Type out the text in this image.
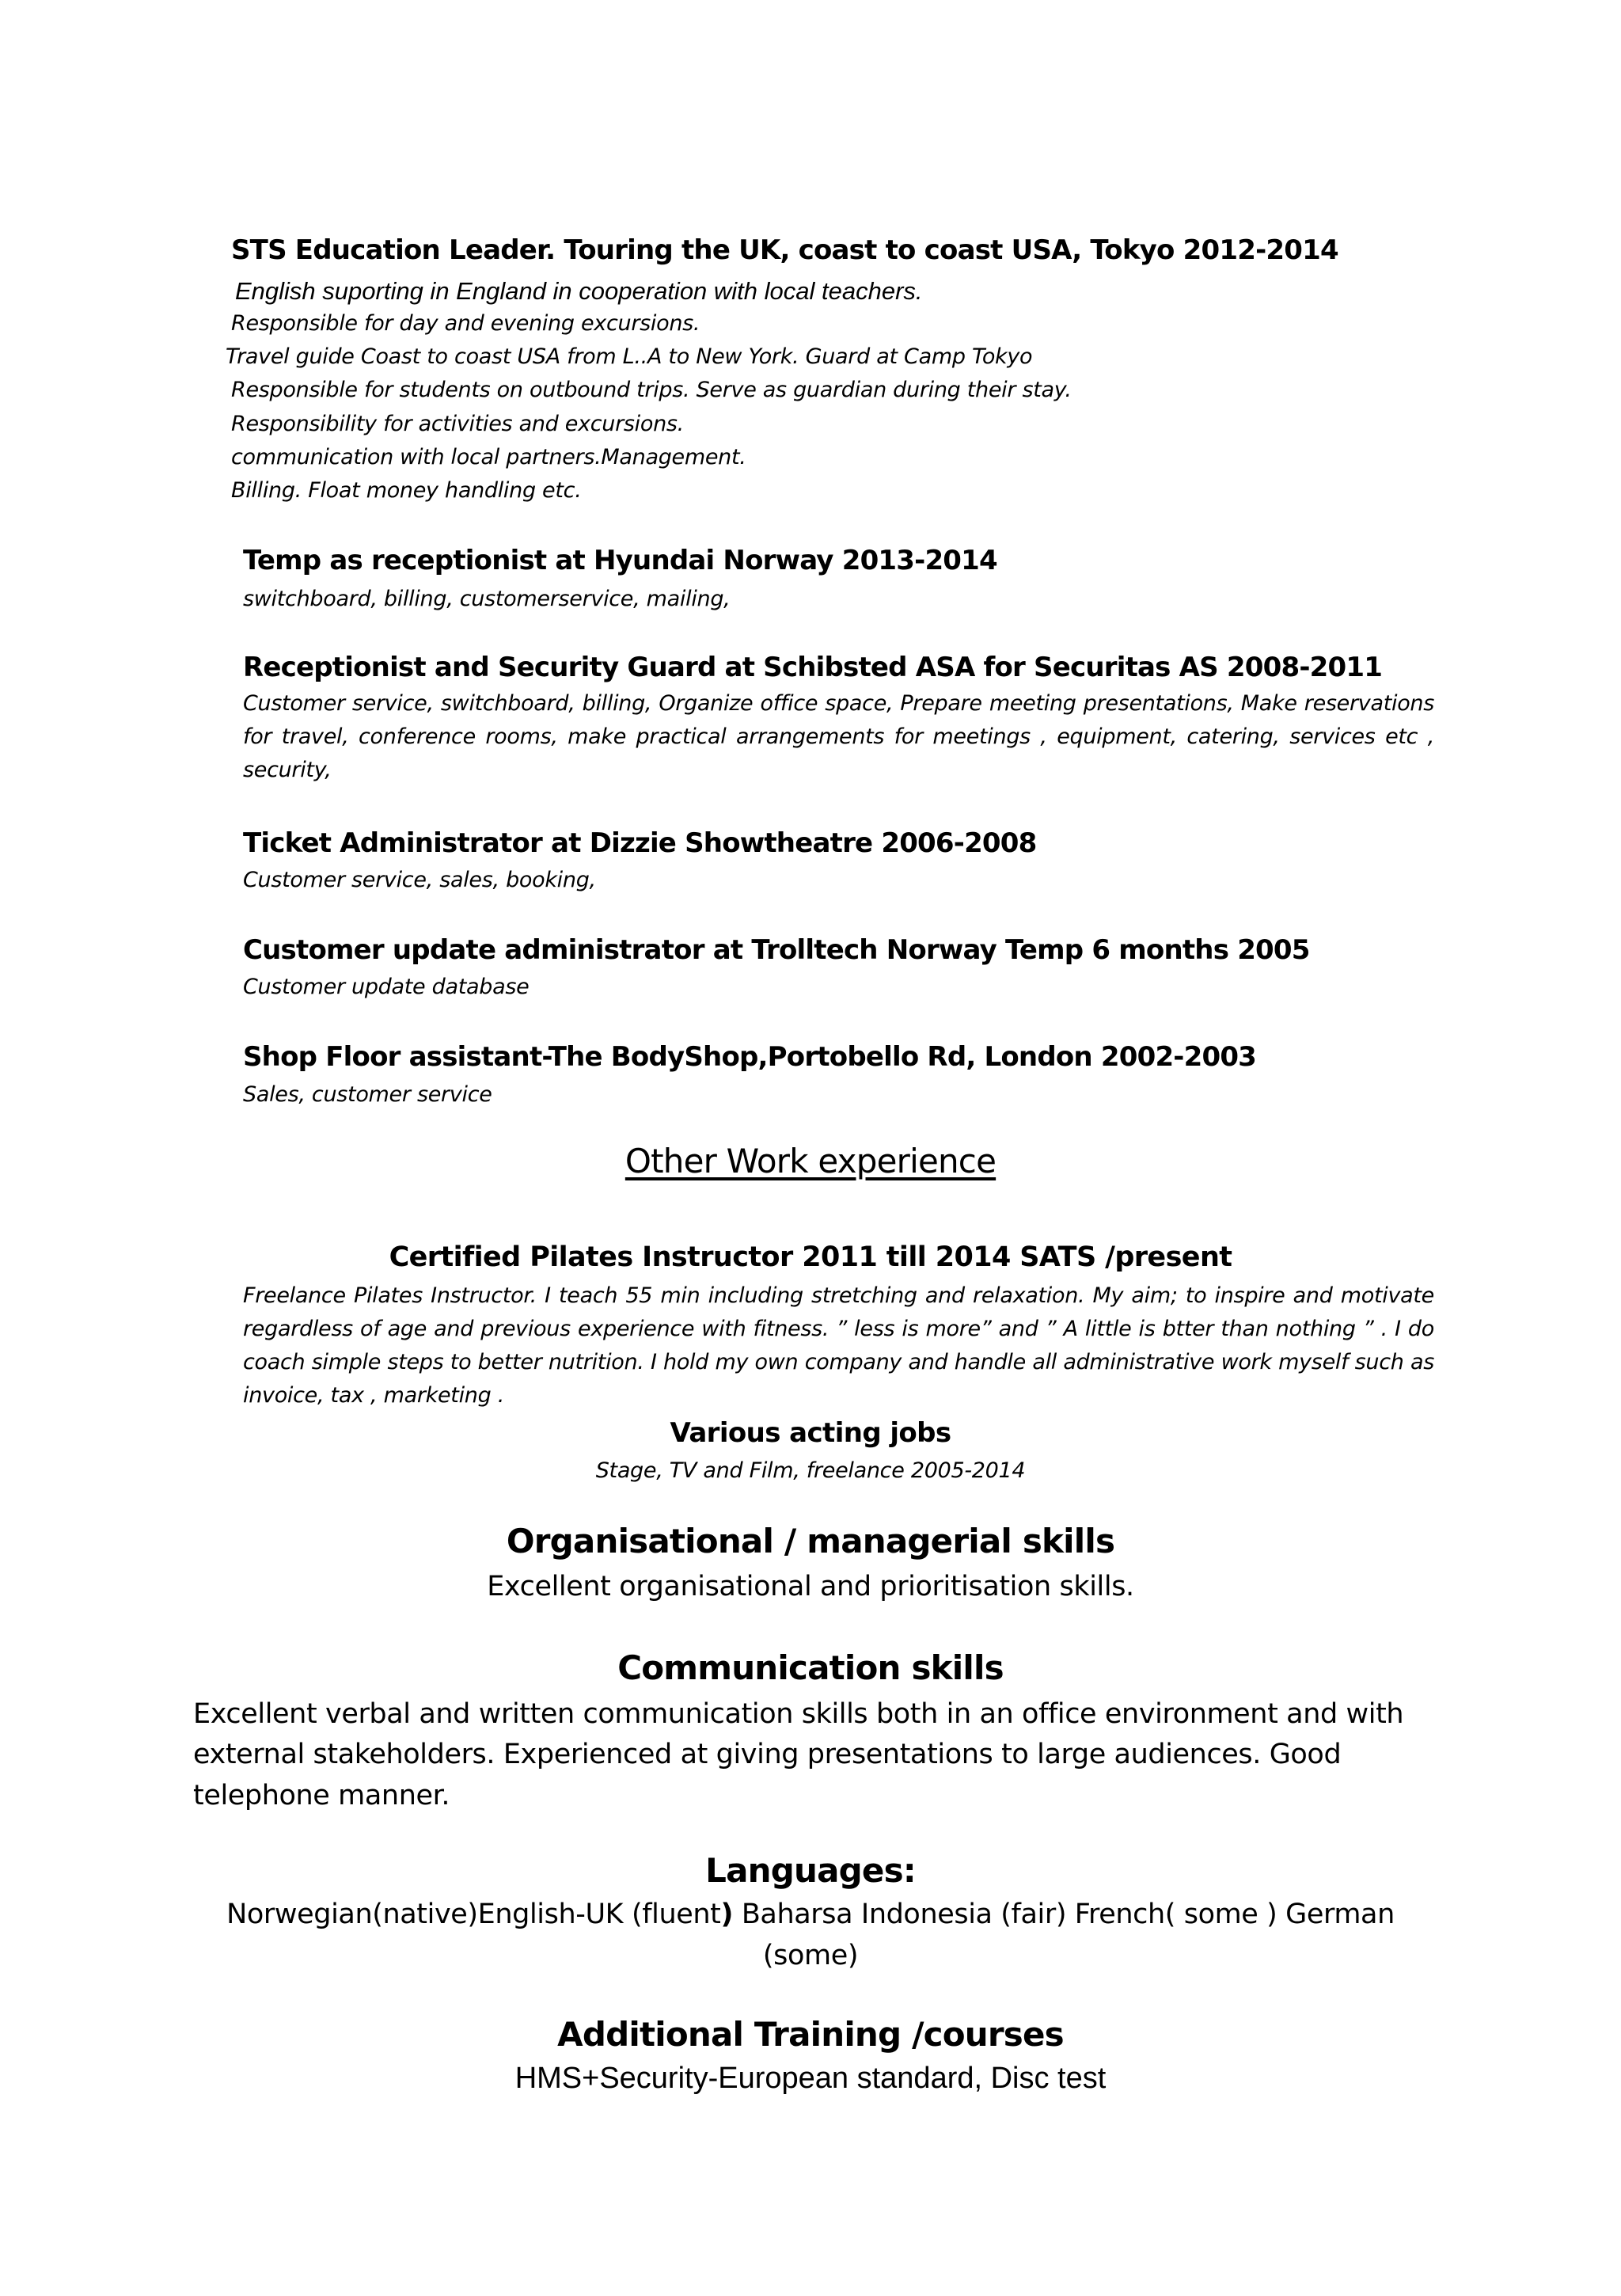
STS Education Leader. Touring the UK, coast to coast USA, Tokyo 2012-2014
English suporting in England in cooperation with local teachers.
Responsible for day and evening excursions.
Travel guide Coast to coast USA from L..A to New York. Guard at Camp Tokyo
Responsible for students on outbound trips. Serve as guardian during their stay.
Responsibility for activities and excursions.
communication with local partners.Management.
Billing. Float money handling etc.
Temp as receptionist at Hyundai Norway 2013-2014
switchboard, billing, customerservice, mailing,
Receptionist and Security Guard at Schibsted ASA for Securitas AS 2008-2011

Customer service, switchboard, billing, Organize office space, Prepare meeting presentations, Make reservations for travel, conference rooms, make practical arrangements for meetings , equipment, catering, services etc , security,

Ticket Administrator at Dizzie Showtheatre 2006-2008
Customer service, sales, booking,
Customer update administrator at Trolltech Norway Temp 6 months 2005
Customer update database
Shop Floor assistant-The BodyShop,Portobello Rd, London 2002-2003
Sales, customer service
Other Work experience
Certified Pilates Instructor 2011 till 2014 SATS /present

Freelance Pilates Instructor. I teach 55 min including stretching and relaxation. My aim; to inspire and motivate regardless of age and previous experience with fitness. ” less is more” and ” A little is btter than nothing ” . I do coach simple steps to better nutrition. I hold my own company and handle all administrative work myself such as invoice, tax , marketing .

Various acting jobs
Stage, TV and Film, freelance 2005-2014
Organisational / managerial skills
Excellent organisational and prioritisation skills.
Communication skills
Excellent verbal and written communication skills both in an office environment and with
external stakeholders. Experienced at giving presentations to large audiences. Good
telephone manner.
Languages:
Norwegian(native)English-UK (fluent) Baharsa Indonesia (fair) French( some ) German
(some)
Additional Training /courses
HMS+Security-European standard, Disc test
